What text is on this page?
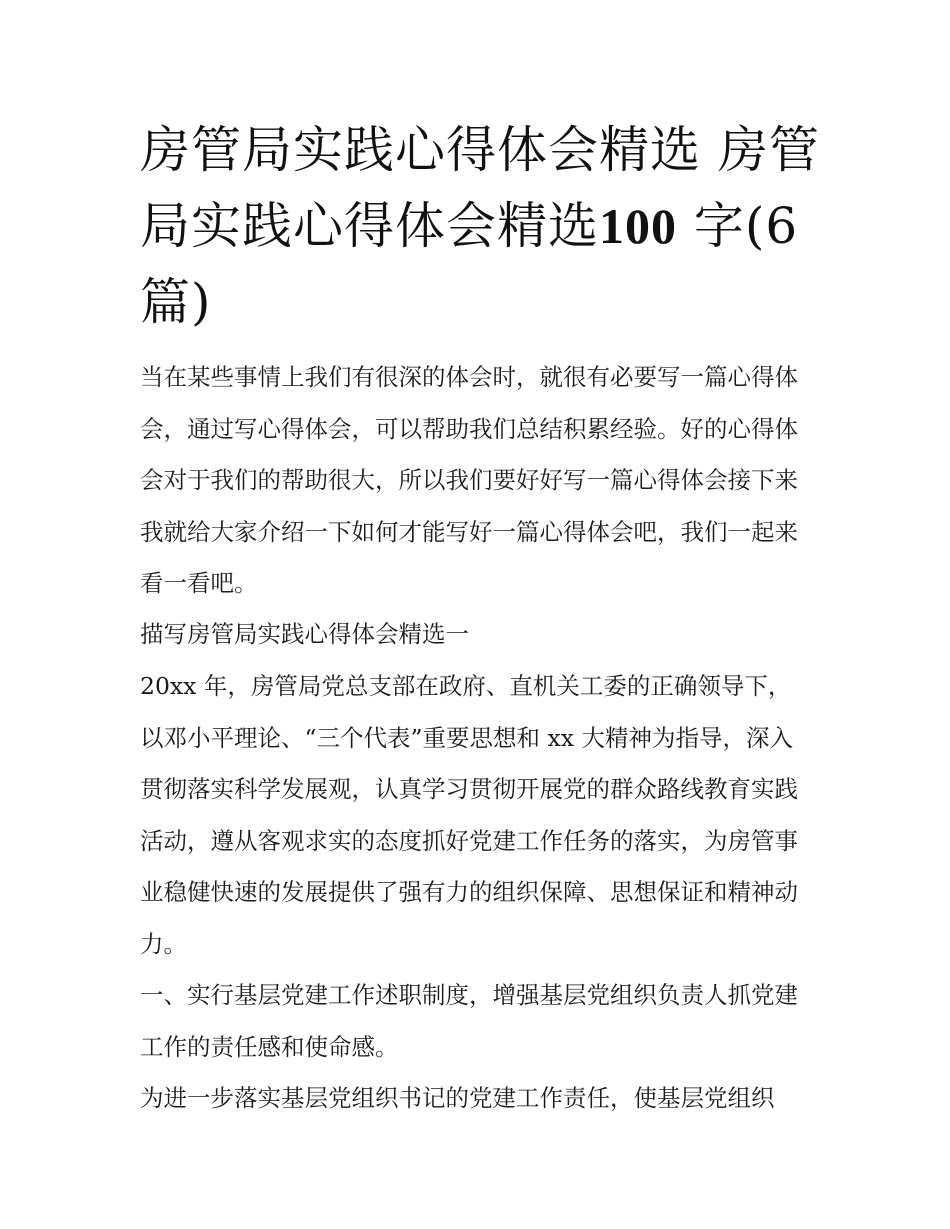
房管局实践心得体会精选 房管局实践心得体会精选100 字(6 篇)

当在某些事情上我们有很深的体会时，就很有必要写一篇心得体会，通过写心得体会，可以帮助我们总结积累经验。好的心得体会对于我们的帮助很大，所以我们要好好写一篇心得体会接下来我就给大家介绍一下如何才能写好一篇心得体会吧，我们一起来看一看吧。

描写房管局实践心得体会精选一

20xx 年，房管局党总支部在政府、直机关工委的正确领导下，以邓小平理论、“三个代表”重要思想和 xx 大精神为指导，深入贯彻落实科学发展观，认真学习贯彻开展党的群众路线教育实践活动，遵从客观求实的态度抓好党建工作任务的落实，为房管事业稳健快速的发展提供了强有力的组织保障、思想保证和精神动力。

一、实行基层党建工作述职制度，增强基层党组织负责人抓党建工作的责任感和使命感。

为进一步落实基层党组织书记的党建工作责任，使基层党组织
